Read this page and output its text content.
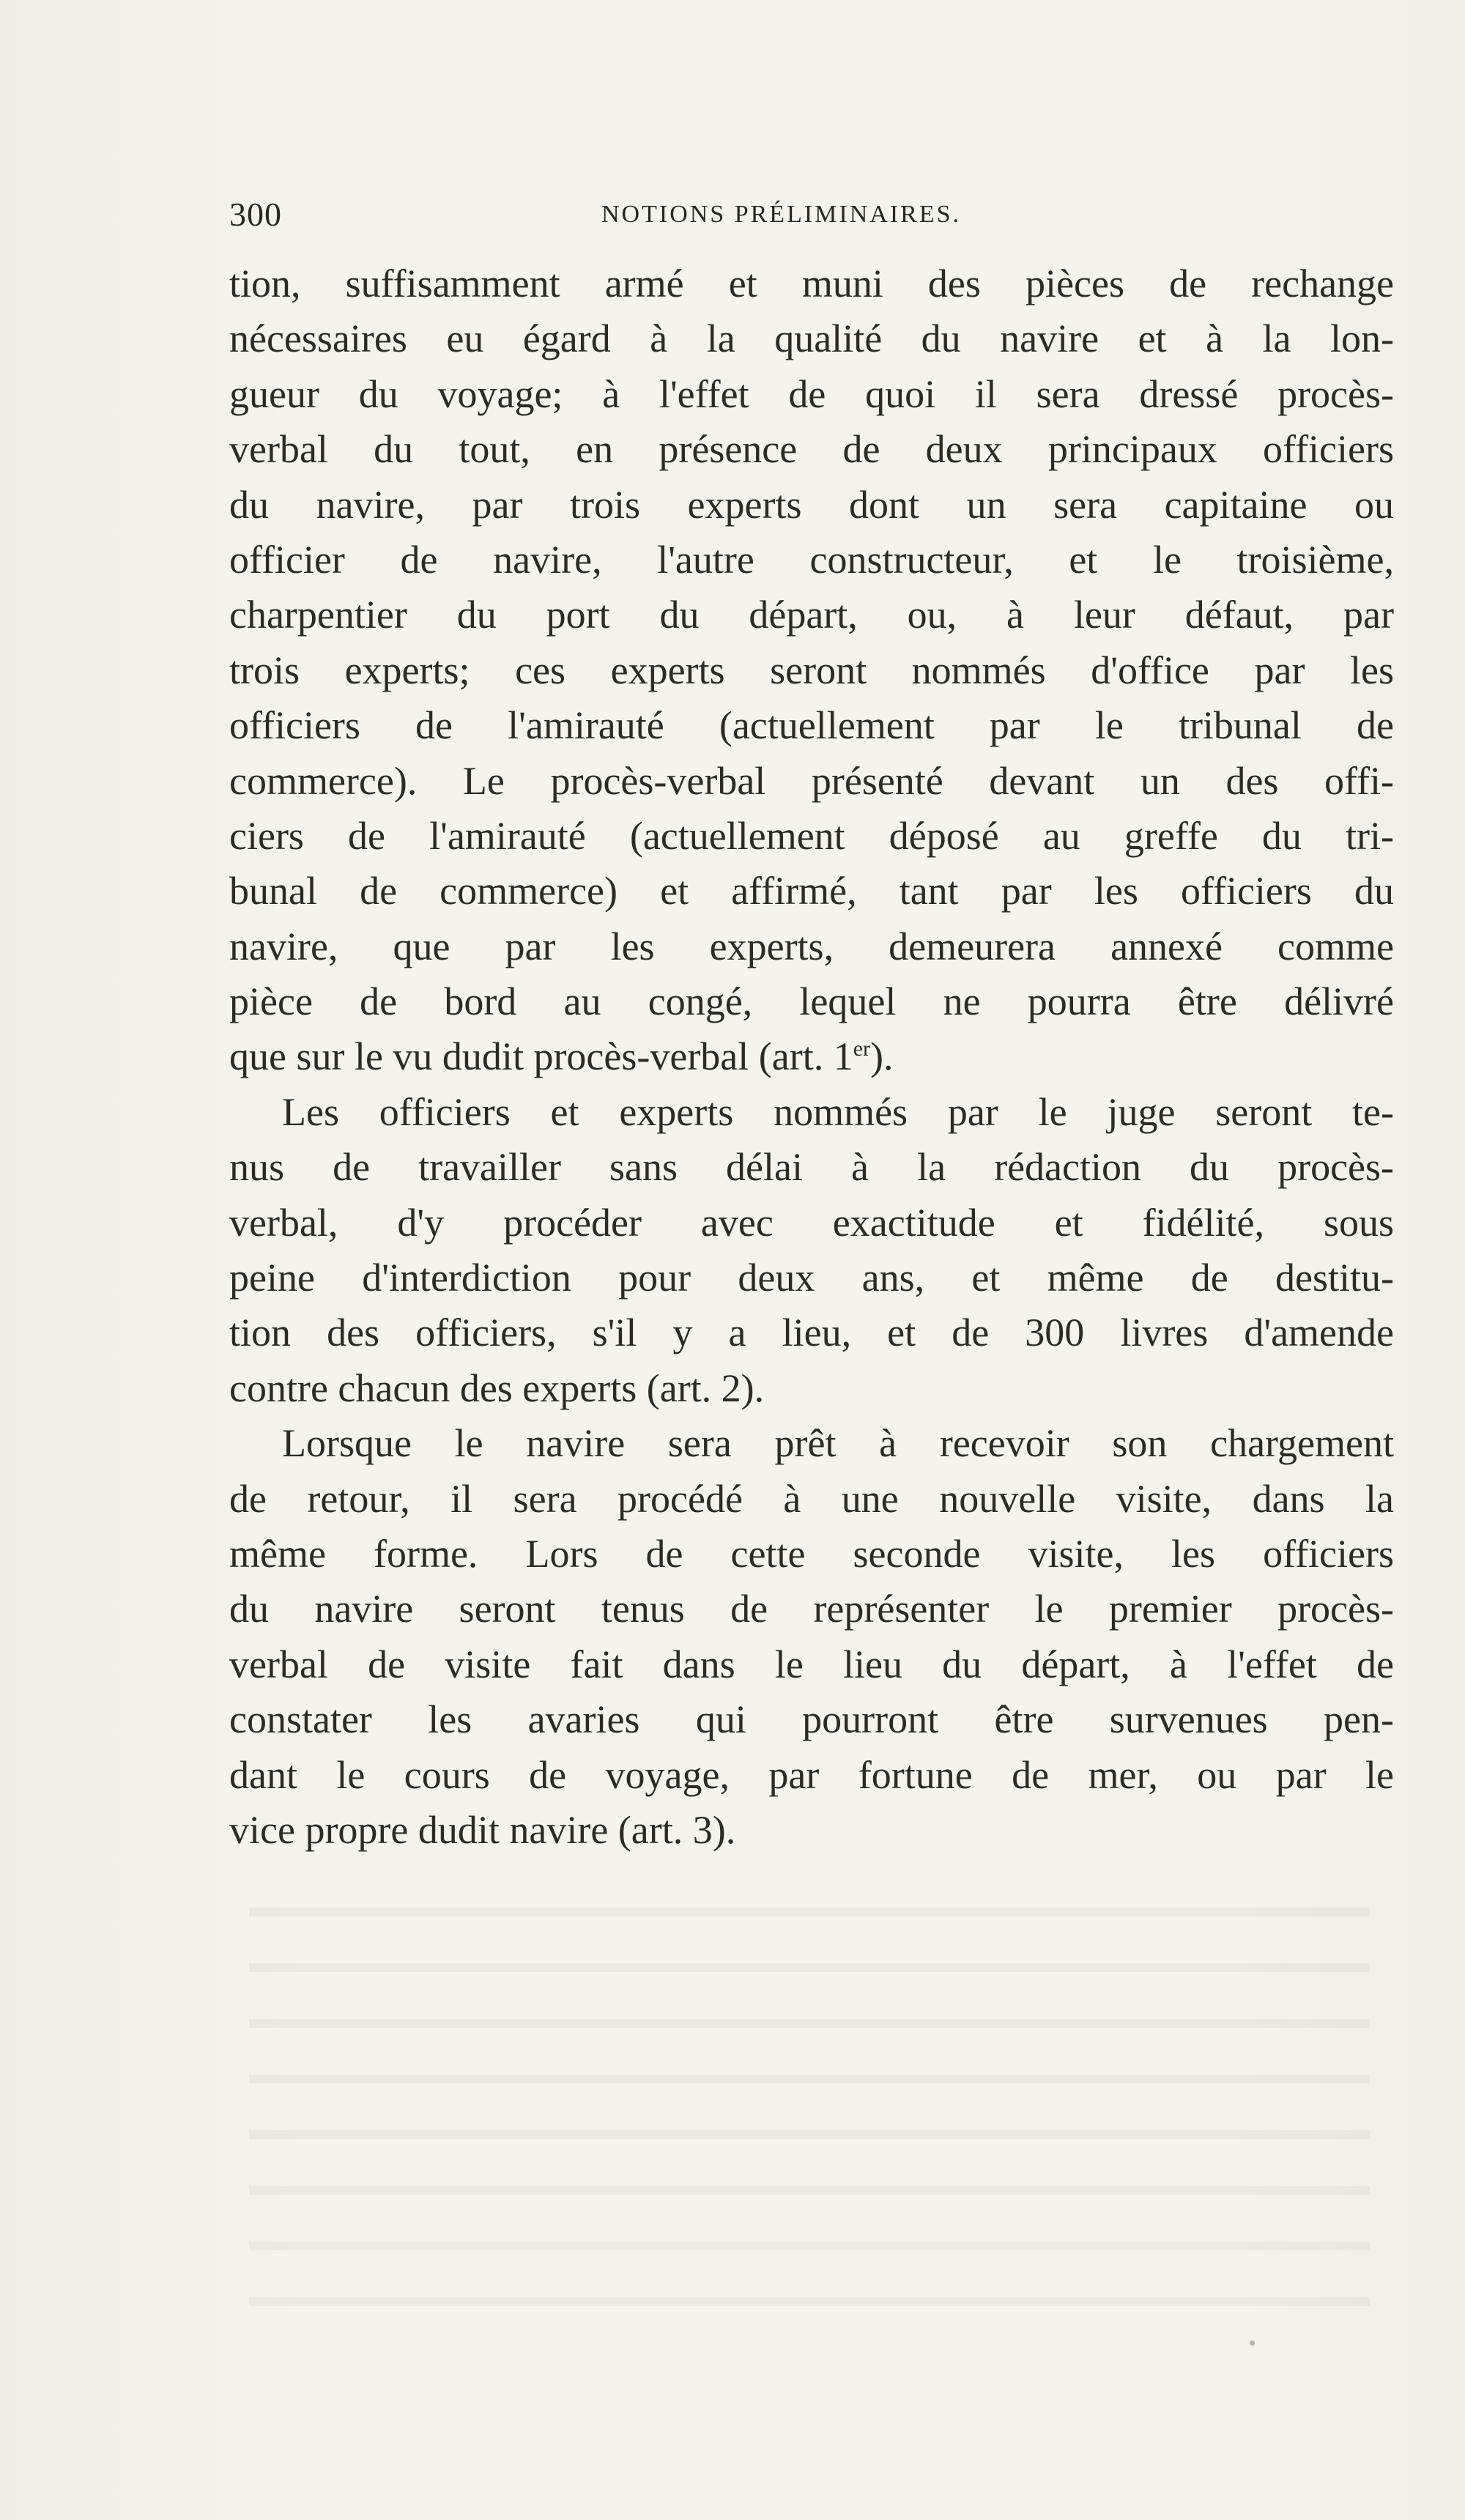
300	NOTIONS PRÉLIMINAIRES.
tion, suffisamment armé et muni des pièces de rechange
nécessaires eu égard à la qualité du navire et à la lon-
gueur du voyage; à l'effet de quoi il sera dressé procès-
verbal du tout, en présence de deux principaux officiers
du navire, par trois experts dont un sera capitaine ou
officier de navire, l'autre constructeur, et le troisième,
charpentier du port du départ, ou, à leur défaut, par
trois experts; ces experts seront nommés d'office par les
officiers de l'amirauté (actuellement par le tribunal de
commerce). Le procès-verbal présenté devant un des offi-
ciers de l'amirauté (actuellement déposé au greffe du tri-
bunal de commerce) et affirmé, tant par les officiers du
navire, que par les experts, demeurera annexé comme
pièce de bord au congé, lequel ne pourra être délivré
que sur le vu dudit procès-verbal (art. 1er).
Les officiers et experts nommés par le juge seront te-
nus de travailler sans délai à la rédaction du procès-
verbal, d'y procéder avec exactitude et fidélité, sous
peine d'interdiction pour deux ans, et même de destitu-
tion des officiers, s'il y a lieu, et de 300 livres d'amende
contre chacun des experts (art. 2).
Lorsque le navire sera prêt à recevoir son chargement
de retour, il sera procédé à une nouvelle visite, dans la
même forme. Lors de cette seconde visite, les officiers
du navire seront tenus de représenter le premier procès-
verbal de visite fait dans le lieu du départ, à l'effet de
constater les avaries qui pourront être survenues pen-
dant le cours de voyage, par fortune de mer, ou par le
vice propre dudit navire (art. 3).
